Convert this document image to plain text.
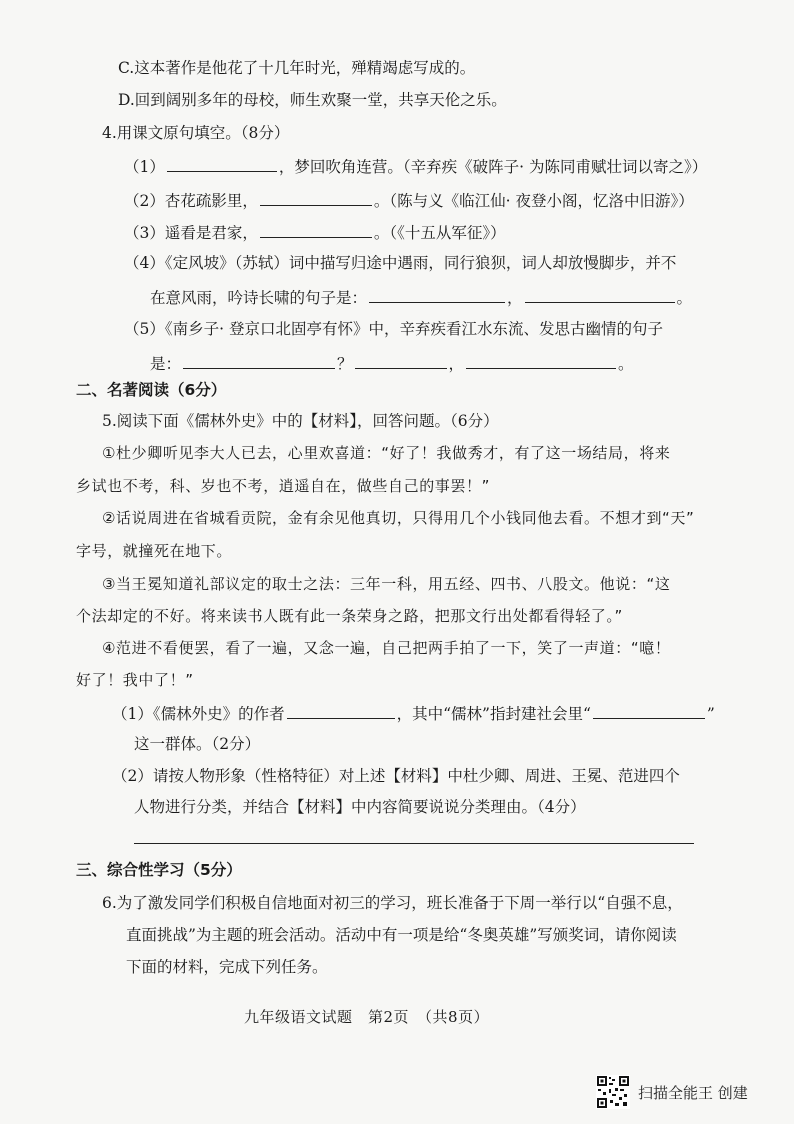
C.这本著作是他花了十几年时光，殚精竭虑写成的。
D.回到阔别多年的母校，师生欢聚一堂，共享天伦之乐。
4.用课文原句填空。（8分）
（1）	，梦回吹角连营。（辛弃疾《破阵子· 为陈同甫赋壮词以寄之》）
（2）杏花疏影里，	。（陈与义《临江仙· 夜登小阁，忆洛中旧游》）
（3）遥看是君家，	。（《十五从军征》）
（4）《定风坡》（苏轼）词中描写归途中遇雨，同行狼狈，词人却放慢脚步，并不
在意风雨，吟诗长啸的句子是：	，	。
（5）《南乡子· 登京口北固亭有怀》中，辛弃疾看江水东流、发思古幽情的句子
是：	？	，	。
二、名著阅读（6分）
5.阅读下面《儒林外史》中的【材料】，回答问题。（6分）
①杜少卿听见李大人已去，心里欢喜道：“好了！我做秀才，有了这一场结局，将来
乡试也不考，科、岁也不考，逍遥自在，做些自己的事罢！”
②话说周进在省城看贡院，金有余见他真切，只得用几个小钱同他去看。不想才到“天”
字号，就撞死在地下。
③当王冕知道礼部议定的取士之法：三年一科，用五经、四书、八股文。他说：“这
个法却定的不好。将来读书人既有此一条荣身之路，把那文行出处都看得轻了。”
④范进不看便罢，看了一遍，又念一遍，自己把两手拍了一下，笑了一声道：“噫！
好了！我中了！”
（1）《儒林外史》的作者	，其中“儒林”指封建社会里“	”
这一群体。（2分）
（2）请按人物形象（性格特征）对上述【材料】中杜少卿、周进、王冕、范进四个
人物进行分类，并结合【材料】中内容简要说说分类理由。（4分）
三、综合性学习（5分）
6.为了激发同学们积极自信地面对初三的学习，班长准备于下周一举行以“自强不息，
直面挑战”为主题的班会活动。活动中有一项是给“冬奥英雄”写颁奖词，请你阅读
下面的材料，完成下列任务。
九年级语文试题　第2页　（共8页）
扫描全能王 创建
